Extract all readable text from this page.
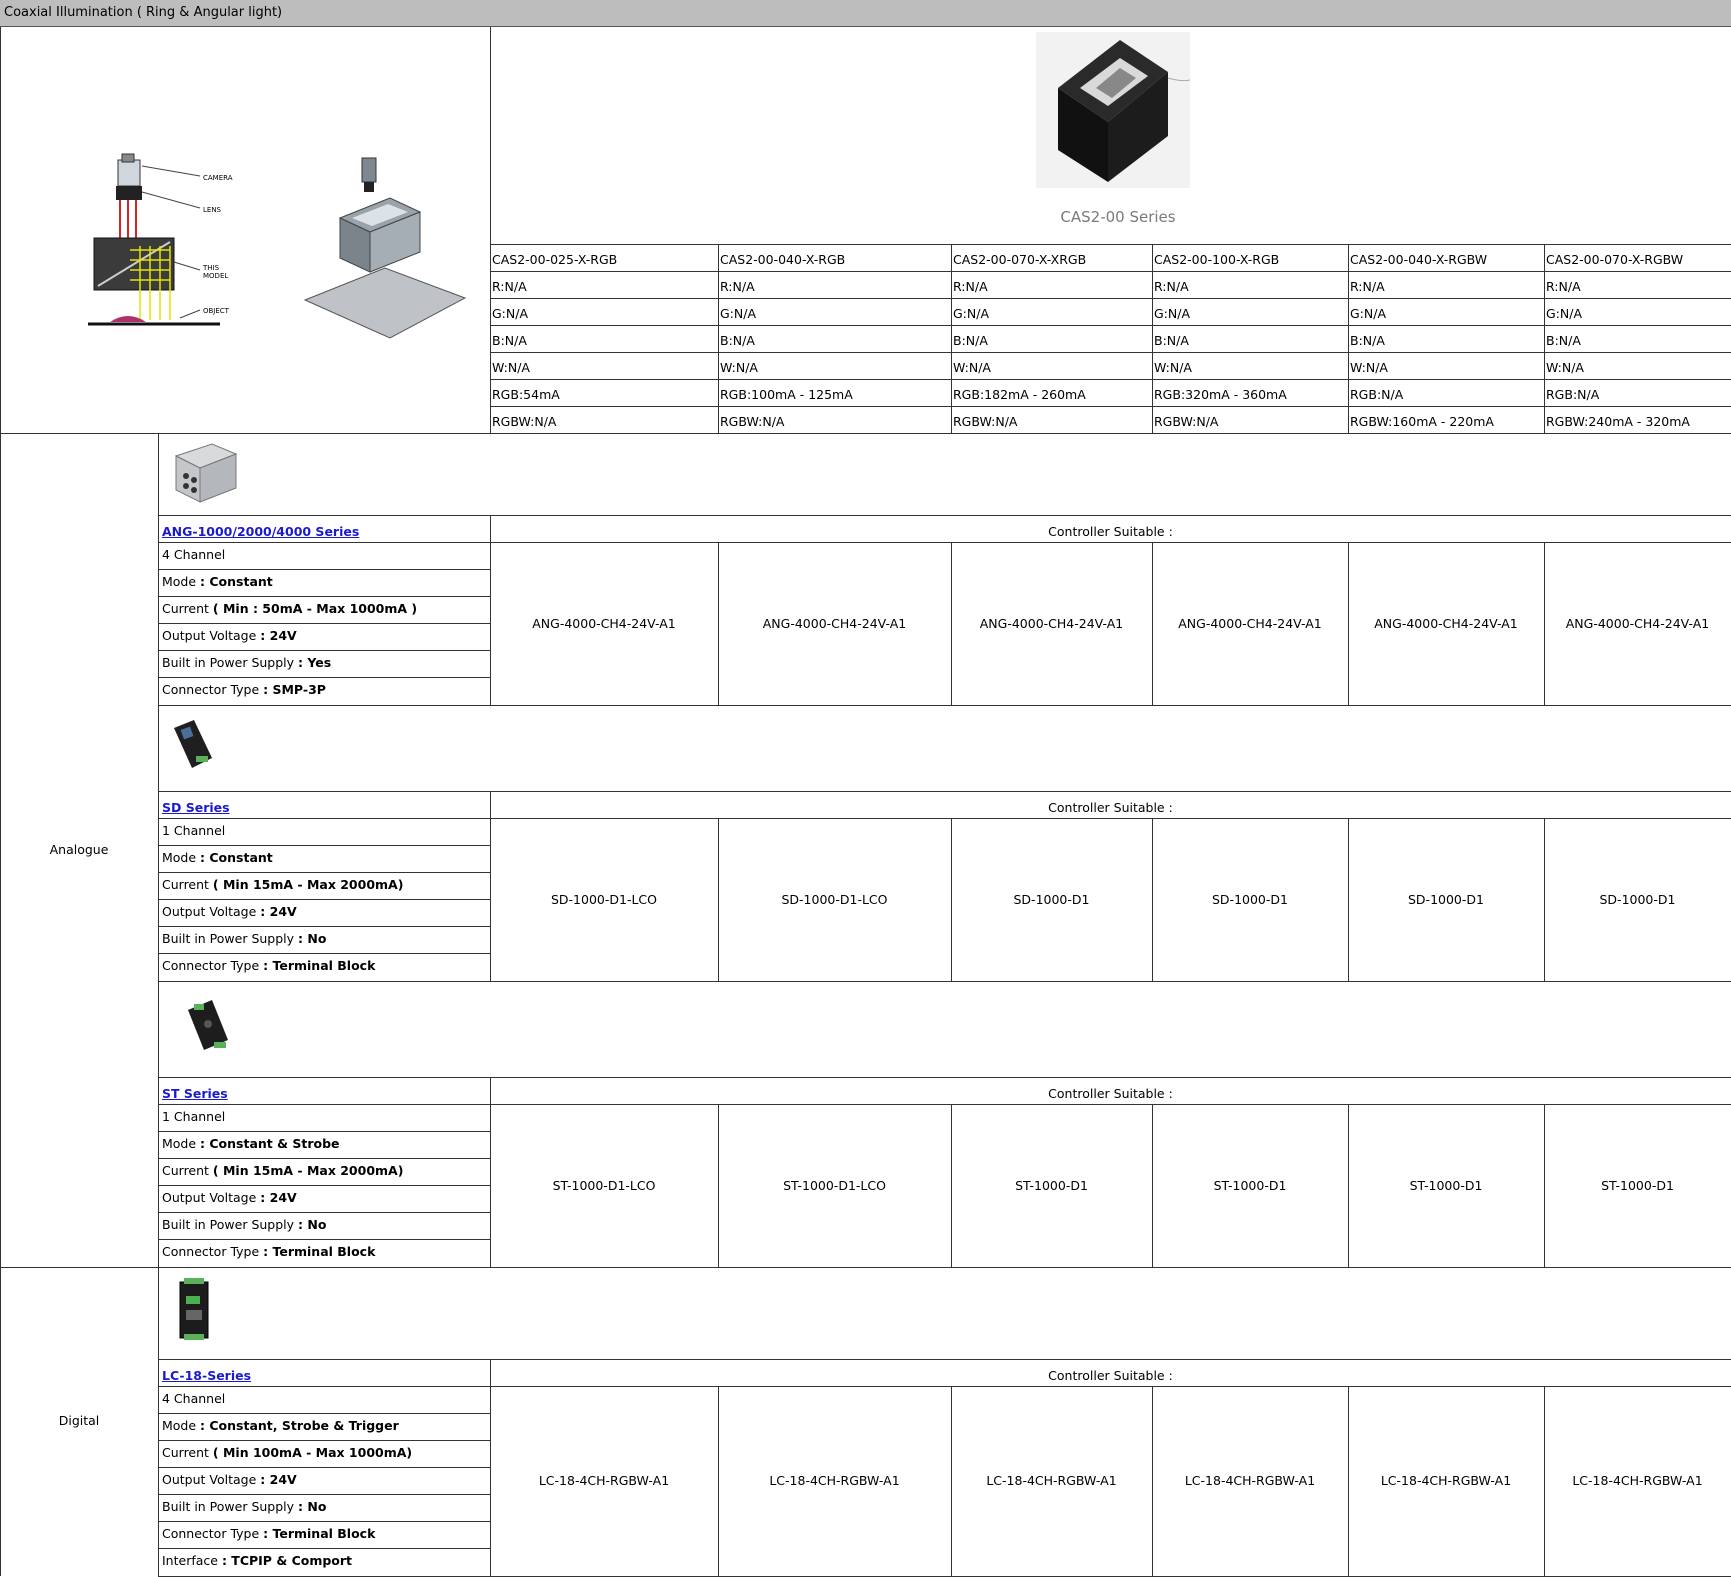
Coaxial Illumination ( Ring & Angular light)
CAMERA
LENS
THIS
MODEL
OBJECT
CAS2-00 Series
CAS2-00-025-X-RGB	CAS2-00-040-X-RGB	CAS2-00-070-X-XRGB	CAS2-00-100-X-RGB	CAS2-00-040-X-RGBW	CAS2-00-070-X-RGBW
R:N/A	R:N/A	R:N/A	R:N/A	R:N/A	R:N/A
G:N/A	G:N/A	G:N/A	G:N/A	G:N/A	G:N/A
B:N/A	B:N/A	B:N/A	B:N/A	B:N/A	B:N/A
W:N/A	W:N/A	W:N/A	W:N/A	W:N/A	W:N/A
RGB:54mA	RGB:100mA - 125mA	RGB:182mA - 260mA	RGB:320mA - 360mA	RGB:N/A	RGB:N/A
RGBW:N/A	RGBW:N/A	RGBW:N/A	RGBW:N/A	RGBW:160mA - 220mA	RGBW:240mA - 320mA
Analogue
Digital
ANG-1000/2000/4000 Series	Controller Suitable :
4 Channel
Mode : Constant
Current ( Min : 50mA - Max 1000mA )
Output Voltage : 24V
Built in Power Supply : Yes
Connector Type : SMP-3P
ANG-4000-CH4-24V-A1	ANG-4000-CH4-24V-A1	ANG-4000-CH4-24V-A1	ANG-4000-CH4-24V-A1	ANG-4000-CH4-24V-A1	ANG-4000-CH4-24V-A1
SD Series	Controller Suitable :
1 Channel
Mode : Constant
Current ( Min 15mA - Max 2000mA)
Output Voltage : 24V
Built in Power Supply : No
Connector Type : Terminal Block
SD-1000-D1-LCO	SD-1000-D1-LCO	SD-1000-D1	SD-1000-D1	SD-1000-D1	SD-1000-D1
ST Series	Controller Suitable :
1 Channel
Mode : Constant & Strobe
Current ( Min 15mA - Max 2000mA)
Output Voltage : 24V
Built in Power Supply : No
Connector Type : Terminal Block
ST-1000-D1-LCO	ST-1000-D1-LCO	ST-1000-D1	ST-1000-D1	ST-1000-D1	ST-1000-D1
LC-18-Series	Controller Suitable :
4 Channel
Mode : Constant, Strobe & Trigger
Current ( Min 100mA - Max 1000mA)
Output Voltage : 24V
Built in Power Supply : No
Connector Type : Terminal Block
Interface : TCPIP & Comport
LC-18-4CH-RGBW-A1	LC-18-4CH-RGBW-A1	LC-18-4CH-RGBW-A1	LC-18-4CH-RGBW-A1	LC-18-4CH-RGBW-A1	LC-18-4CH-RGBW-A1
